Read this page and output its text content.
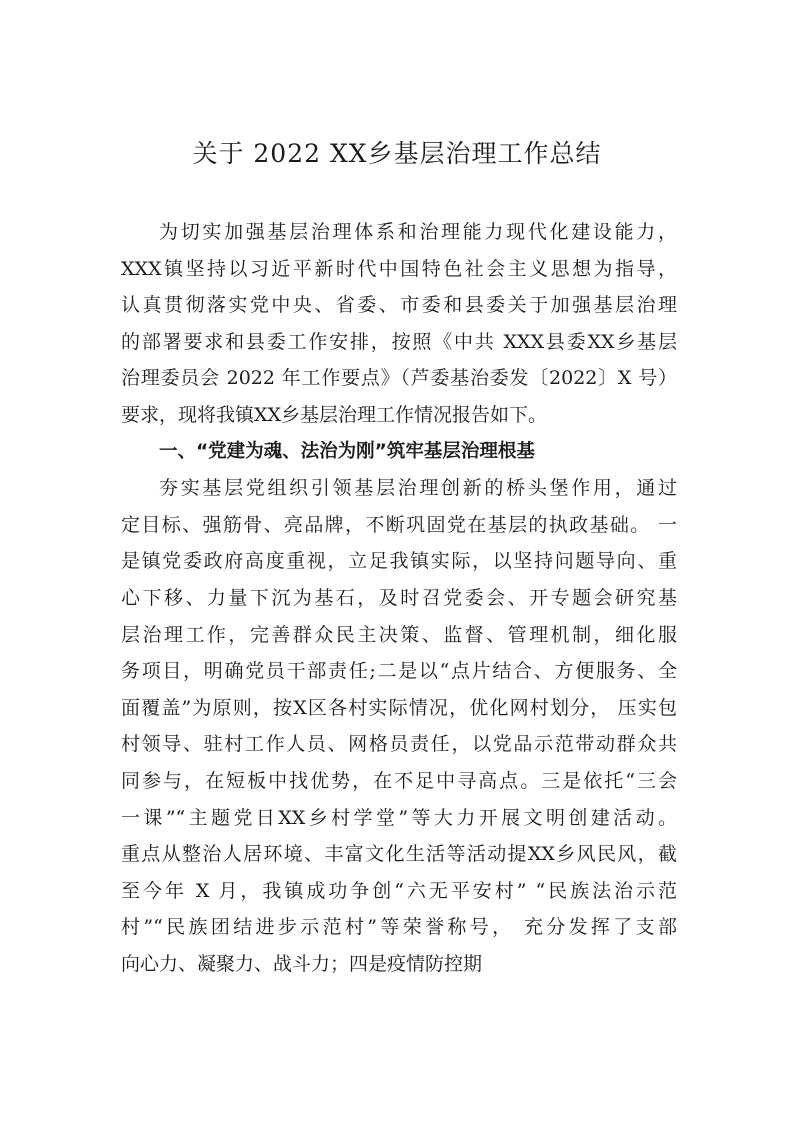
关于 2022 XX乡基层治理工作总结
为切实加强基层治理体系和治理能力现代化建设能力，
XXX镇坚持以习近平新时代中国特色社会主义思想为指导，
认真贯彻落实党中央、省委、市委和县委关于加强基层治理
的部署要求和县委工作安排，按照《中共 XXX县委XX乡基层
治理委员会 2022 年工作要点》（芦委基治委发〔2022〕X 号）
要求，现将我镇XX乡基层治理工作情况报告如下。
一、“党建为魂、法治为刚”筑牢基层治理根基
夯实基层党组织引领基层治理创新的桥头堡作用，通过
定目标、强筋骨、亮品牌，不断巩固党在基层的执政基础。 一
是镇党委政府高度重视，立足我镇实际，以坚持问题导向、重
心下移、力量下沉为基石，及时召党委会、开专题会研究基
层治理工作，完善群众民主决策、监督、管理机制，细化服
务项目，明确党员干部责任;二是以“点片结合、方便服务、全
面覆盖”为原则，按X区各村实际情况，优化网村划分， 压实包
村领导、驻村工作人员、网格员责任，以党品示范带动群众共
同参与，在短板中找优势，在不足中寻高点。三是依托“三会
一课”“主题党日XX乡村学堂”等大力开展文明创建活动。
重点从整治人居环境、丰富文化生活等活动提XX乡风民风，截
至今年 X 月，我镇成功争创“六无平安村” “民族法治示范
村”“民族团结进步示范村”等荣誉称号， 充分发挥了支部
向心力、凝聚力、战斗力；四是疫情防控期
